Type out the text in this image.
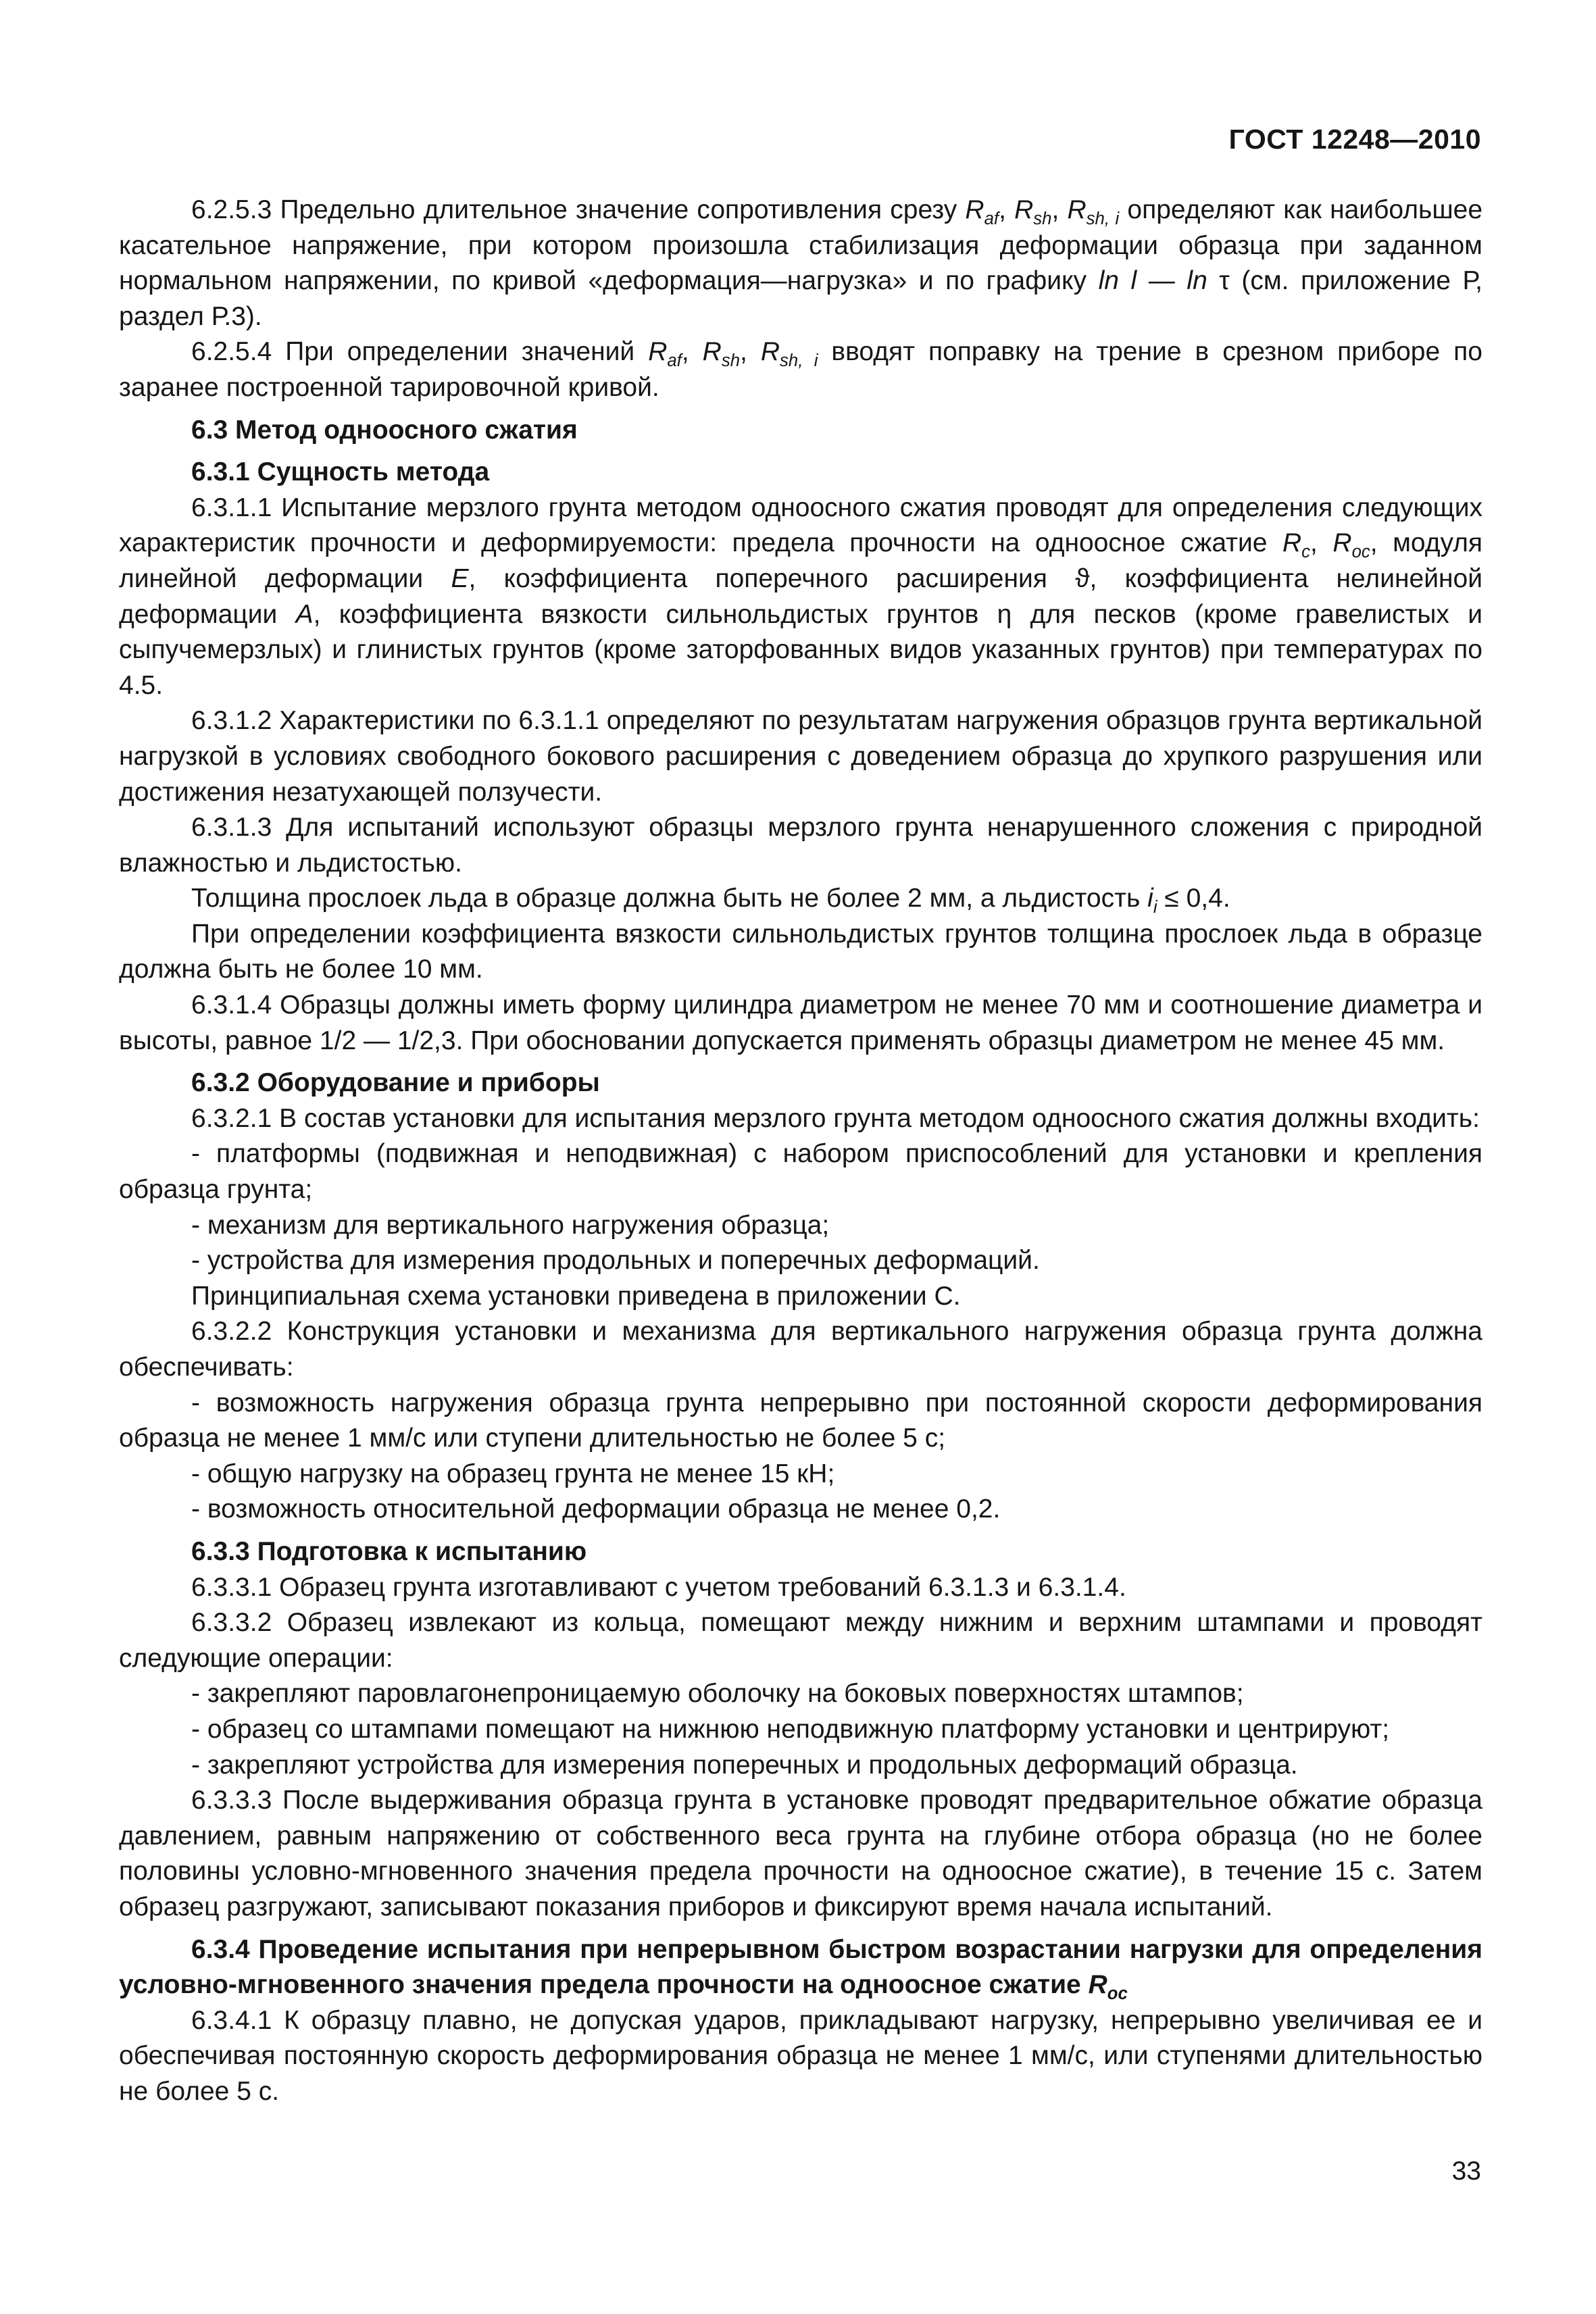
ГОСТ 12248—2010

6.2.5.3 Предельно длительное значение сопротивления срезу $R_{af}$, $R_{sh}$, $R_{sh, i}$ определяют как наибольшее касательное напряжение, при котором произошла стабилизация деформации образца при заданном нормальном напряжении, по кривой «деформация—нагрузка» и по графику ln l — ln τ (см. приложение Р, раздел Р.3).

6.2.5.4 При определении значений $R_{af}$, $R_{sh}$, $R_{sh, i}$ вводят поправку на трение в срезном приборе по заранее построенной тарировочной кривой.

6.3 Метод одноосного сжатия

6.3.1 Сущность метода

6.3.1.1 Испытание мерзлого грунта методом одноосного сжатия проводят для определения следующих характеристик прочности и деформируемости: предела прочности на одноосное сжатие $R_c$, $R_{oc}$, модуля линейной деформации E, коэффициента поперечного расширения ϑ, коэффициента нелинейной деформации A, коэффициента вязкости сильнольдистых грунтов η для песков (кроме гравелистых и сыпучемерзлых) и глинистых грунтов (кроме заторфованных видов указанных грунтов) при температурах по 4.5.

6.3.1.2 Характеристики по 6.3.1.1 определяют по результатам нагружения образцов грунта вертикальной нагрузкой в условиях свободного бокового расширения с доведением образца до хрупкого разрушения или достижения незатухающей ползучести.

6.3.1.3 Для испытаний используют образцы мерзлого грунта ненарушенного сложения с природной влажностью и льдистостью.

Толщина прослоек льда в образце должна быть не более 2 мм, а льдистость $i_i \le 0,4$.

При определении коэффициента вязкости сильнольдистых грунтов толщина прослоек льда в образце должна быть не более 10 мм.

6.3.1.4 Образцы должны иметь форму цилиндра диаметром не менее 70 мм и соотношение диаметра и высоты, равное 1/2 — 1/2,3. При обосновании допускается применять образцы диаметром не менее 45 мм.

6.3.2 Оборудование и приборы

6.3.2.1 В состав установки для испытания мерзлого грунта методом одноосного сжатия должны входить:

- платформы (подвижная и неподвижная) с набором приспособлений для установки и крепления образца грунта;

- механизм для вертикального нагружения образца;

- устройства для измерения продольных и поперечных деформаций.

Принципиальная схема установки приведена в приложении С.

6.3.2.2 Конструкция установки и механизма для вертикального нагружения образца грунта должна обеспечивать:

- возможность нагружения образца грунта непрерывно при постоянной скорости деформирования образца не менее 1 мм/с или ступени длительностью не более 5 с;

- общую нагрузку на образец грунта не менее 15 кН;

- возможность относительной деформации образца не менее 0,2.

6.3.3 Подготовка к испытанию

6.3.3.1 Образец грунта изготавливают с учетом требований 6.3.1.3 и 6.3.1.4.

6.3.3.2 Образец извлекают из кольца, помещают между нижним и верхним штампами и проводят следующие операции:

- закрепляют паровлагонепроницаемую оболочку на боковых поверхностях штампов;

- образец со штампами помещают на нижнюю неподвижную платформу установки и центрируют;

- закрепляют устройства для измерения поперечных и продольных деформаций образца.

6.3.3.3 После выдерживания образца грунта в установке проводят предварительное обжатие образца давлением, равным напряжению от собственного веса грунта на глубине отбора образца (но не более половины условно-мгновенного значения предела прочности на одноосное сжатие), в течение 15 с. Затем образец разгружают, записывают показания приборов и фиксируют время начала испытаний.

6.3.4 Проведение испытания при непрерывном быстром возрастании нагрузки для определения условно-мгновенного значения предела прочности на одноосное сжатие $R_{oc}$

6.3.4.1 К образцу плавно, не допуская ударов, прикладывают нагрузку, непрерывно увеличивая ее и обеспечивая постоянную скорость деформирования образца не менее 1 мм/с, или ступенями длительностью не более 5 с.

33
